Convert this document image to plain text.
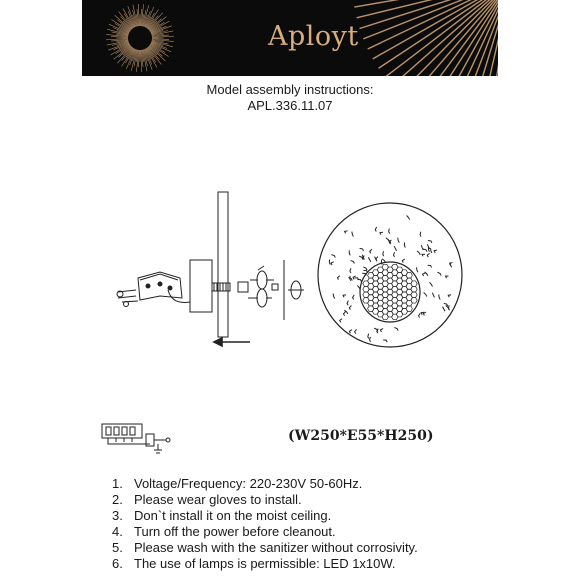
Aployt
Model assembly instructions:
APL.336.11.07
(W250*E55*H250)
1. Voltage/Frequency: 220-230V 50-60Hz.
2. Please wear gloves to install.
3. Don`t install it on the moist ceiling.
4. Turn off the power before cleanout.
5. Please wash with the sanitizer without corrosivity.
6. The use of lamps is permissible: LED 1x10W.
